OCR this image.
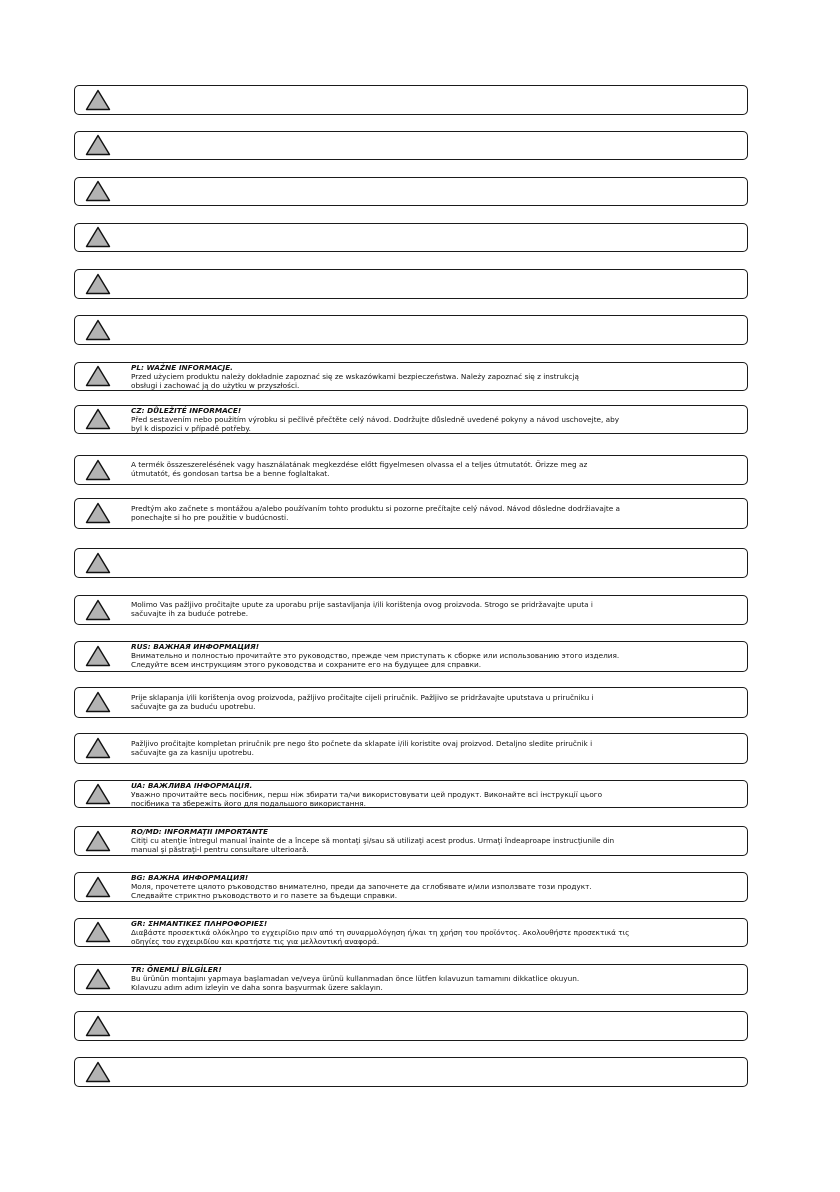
PL: WAŻNE INFORMACJE.
Przed użyciem produktu należy dokładnie zapoznać się ze wskazówkami bezpieczeństwa. Należy zapoznać się z instrukcją
obsługi i zachować ją do użytku w przyszłości.
CZ: DŮLEŽITÉ INFORMACE!
Před sestavením nebo použitím výrobku si pečlivě přečtěte celý návod. Dodržujte důsledně uvedené pokyny a návod uschovejte, aby
byl k dispozici v případě potřeby.
A termék összeszerelésének vagy használatának megkezdése előtt figyelmesen olvassa el a teljes útmutatót. Őrizze meg az
útmutatót, és gondosan tartsa be a benne foglaltakat.
Predtým ako začnete s montážou a/alebo používaním tohto produktu si pozorne prečítajte celý návod. Návod dôsledne dodržiavajte a
ponechajte si ho pre použitie v budúcnosti.
Molimo Vas pažljivo pročitajte upute za uporabu prije sastavljanja i/ili korištenja ovog proizvoda. Strogo se pridržavajte uputa i
sačuvajte ih za buduće potrebe.
RUS: ВАЖНАЯ ИНФОРМАЦИЯ!
Внимательно и полностью прочитайте это руководство, прежде чем приступать к сборке или использованию этого изделия.
Следуйте всем инструкциям этого руководства и сохраните его на будущее для справки.
Prije sklapanja i/ili korištenja ovog proizvoda, pažljivo pročitajte cijeli priručnik. Pažljivo se pridržavajte uputstava u priručniku i
sačuvajte ga za buduću upotrebu.
Pažljivo pročitajte kompletan priručnik pre nego što počnete da sklapate i/ili koristite ovaj proizvod. Detaljno sledite priručnik i
sačuvajte ga za kasniju upotrebu.
UA: ВАЖЛИВА ІНФОРМАЦІЯ.
Уважно прочитайте весь посібник, перш ніж збирати та/чи використовувати цей продукт. Виконайте всі інструкції цього
посібника та збережіть його для подальшого використання.
RO/MD: INFORMAŢII IMPORTANTE
Citiţi cu atenţie întregul manual înainte de a începe să montaţi şi/sau să utilizaţi acest produs. Urmaţi îndeaproape instrucţiunile din
manual şi păstraţi-l pentru consultare ulterioară.
BG: ВАЖНА ИНФОРМАЦИЯ!
Моля, прочетете цялото ръководство внимателно, преди да започнете да сглобявате и/или използвате този продукт.
Следвайте стриктно ръководството и го пазете за бъдещи справки.
GR: ΣΗΜΑΝΤΙΚΕΣ ΠΛΗΡΟΦΟΡΙΕΣ!
Διαβάστε προσεκτικά ολόκληρο το εγχειρίδιο πριν από τη συναρμολόγηση ή/και τη χρήση του προϊόντος. Ακολουθήστε προσεκτικά τις
οδηγίες του εγχειριδίου και κρατήστε τις για μελλοντική αναφορά.
TR: ÖNEMLİ BİLGİLER!
Bu ürünün montajını yapmaya başlamadan ve/veya ürünü kullanmadan önce lütfen kılavuzun tamamını dikkatlice okuyun.
Kılavuzu adım adım izleyin ve daha sonra başvurmak üzere saklayın.
